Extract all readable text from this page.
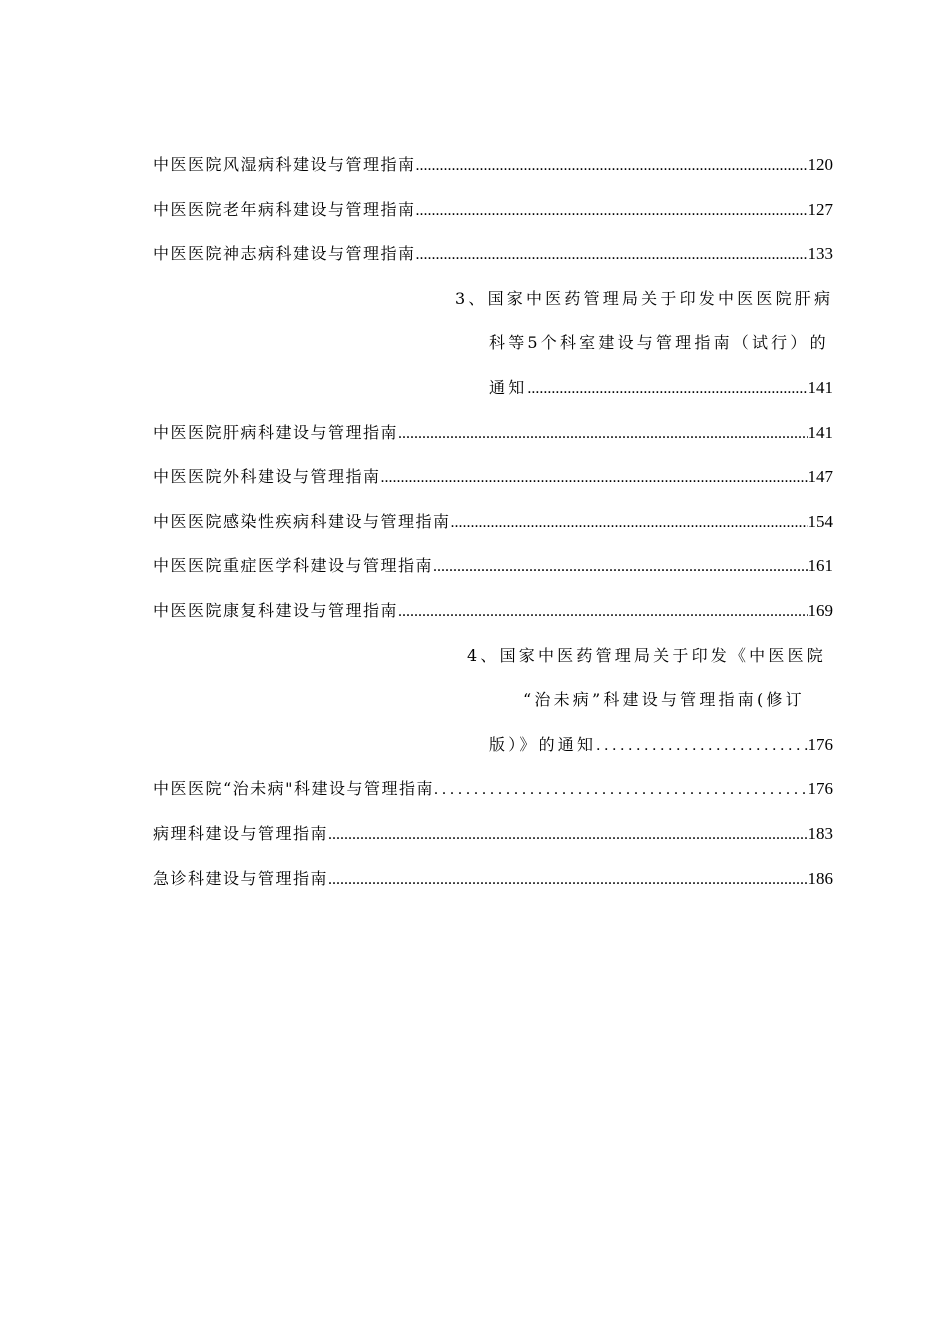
中医医院风湿病科建设与管理指南 .....	120
中医医院老年病科建设与管理指南 .....	127
中医医院神志病科建设与管理指南 .....	133
3、国家中医药管理局关于印发中医医院肝病
科等5个科室建设与管理指南（试行）的
通知 .....	141
中医医院肝病科建设与管理指南 .....	141
中医医院外科建设与管理指南 .....	147
中医医院感染性疾病科建设与管理指南 .....	154
中医医院重症医学科建设与管理指南 .....	161
中医医院康复科建设与管理指南 .....	169
4、国家中医药管理局关于印发《中医医院
“治未病”科建设与管理指南(修订
版）》的通知 . . .	176
中医医院“治未病"科建设与管理指南 . . .	176
病理科建设与管理指南 .....	183
急诊科建设与管理指南 .....	186
